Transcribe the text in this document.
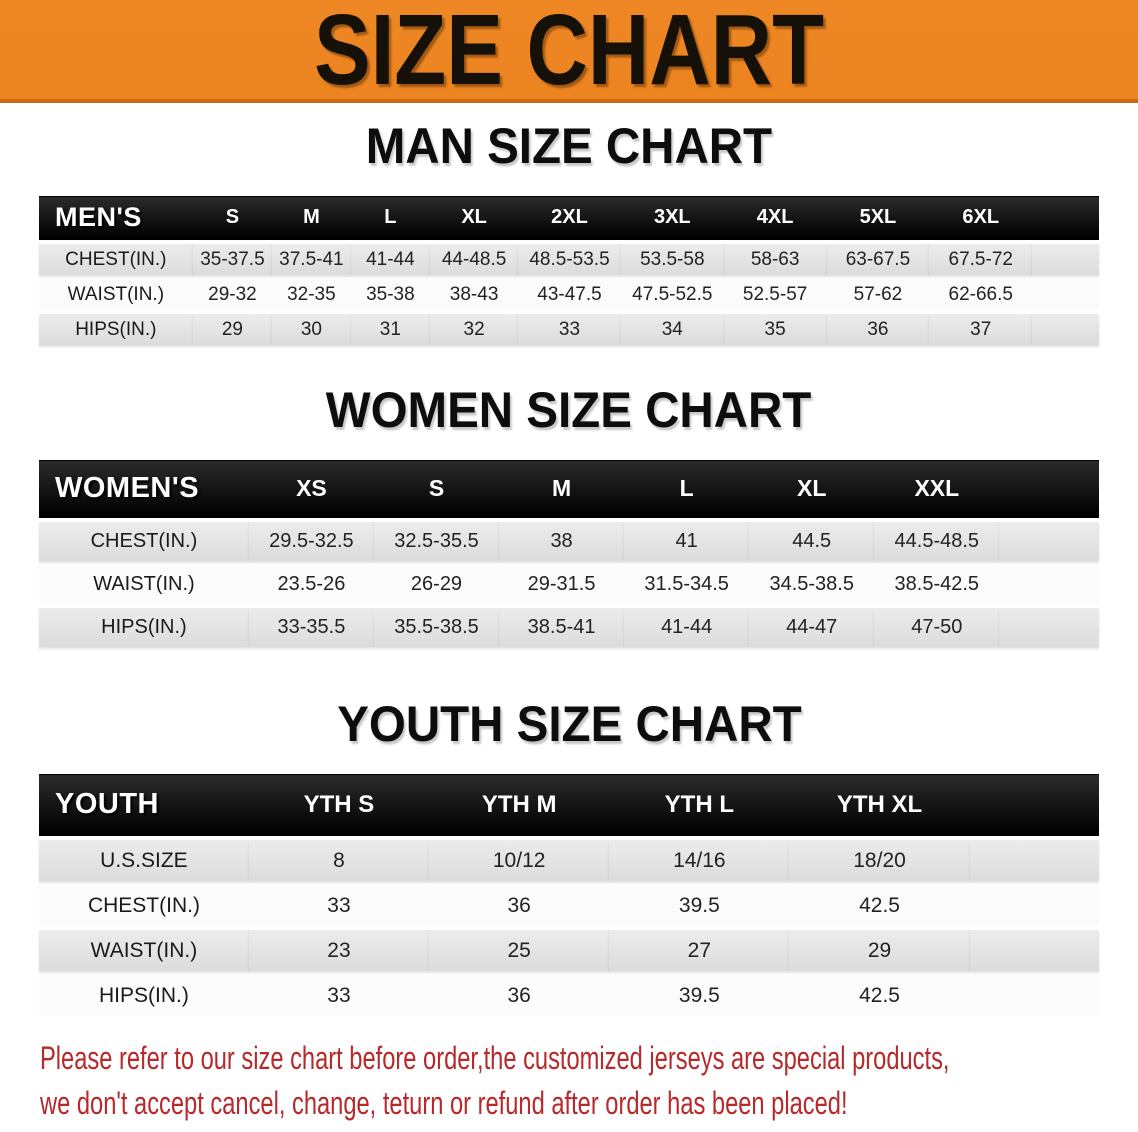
SIZE CHART
MAN SIZE CHART
MEN'S	S	M	L	XL	2XL	3XL	4XL	5XL	6XL	
CHEST(IN.)	35-37.5	37.5-41	41-44	44-48.5	48.5-53.5	53.5-58	58-63	63-67.5	67.5-72	
WAIST(IN.)	29-32	32-35	35-38	38-43	43-47.5	47.5-52.5	52.5-57	57-62	62-66.5	
HIPS(IN.)	29	30	31	32	33	34	35	36	37	
WOMEN SIZE CHART
WOMEN'S	XS	S	M	L	XL	XXL	
CHEST(IN.)	29.5-32.5	32.5-35.5	38	41	44.5	44.5-48.5	
WAIST(IN.)	23.5-26	26-29	29-31.5	31.5-34.5	34.5-38.5	38.5-42.5	
HIPS(IN.)	33-35.5	35.5-38.5	38.5-41	41-44	44-47	47-50	
YOUTH SIZE CHART
YOUTH	YTH S	YTH M	YTH L	YTH XL	
U.S.SIZE	8	10/12	14/16	18/20	
CHEST(IN.)	33	36	39.5	42.5	
WAIST(IN.)	23	25	27	29	
HIPS(IN.)	33	36	39.5	42.5	

Please refer to our size chart before order,the customized jerseys are special products,
we don't accept cancel, change, teturn or refund after order has been placed!
